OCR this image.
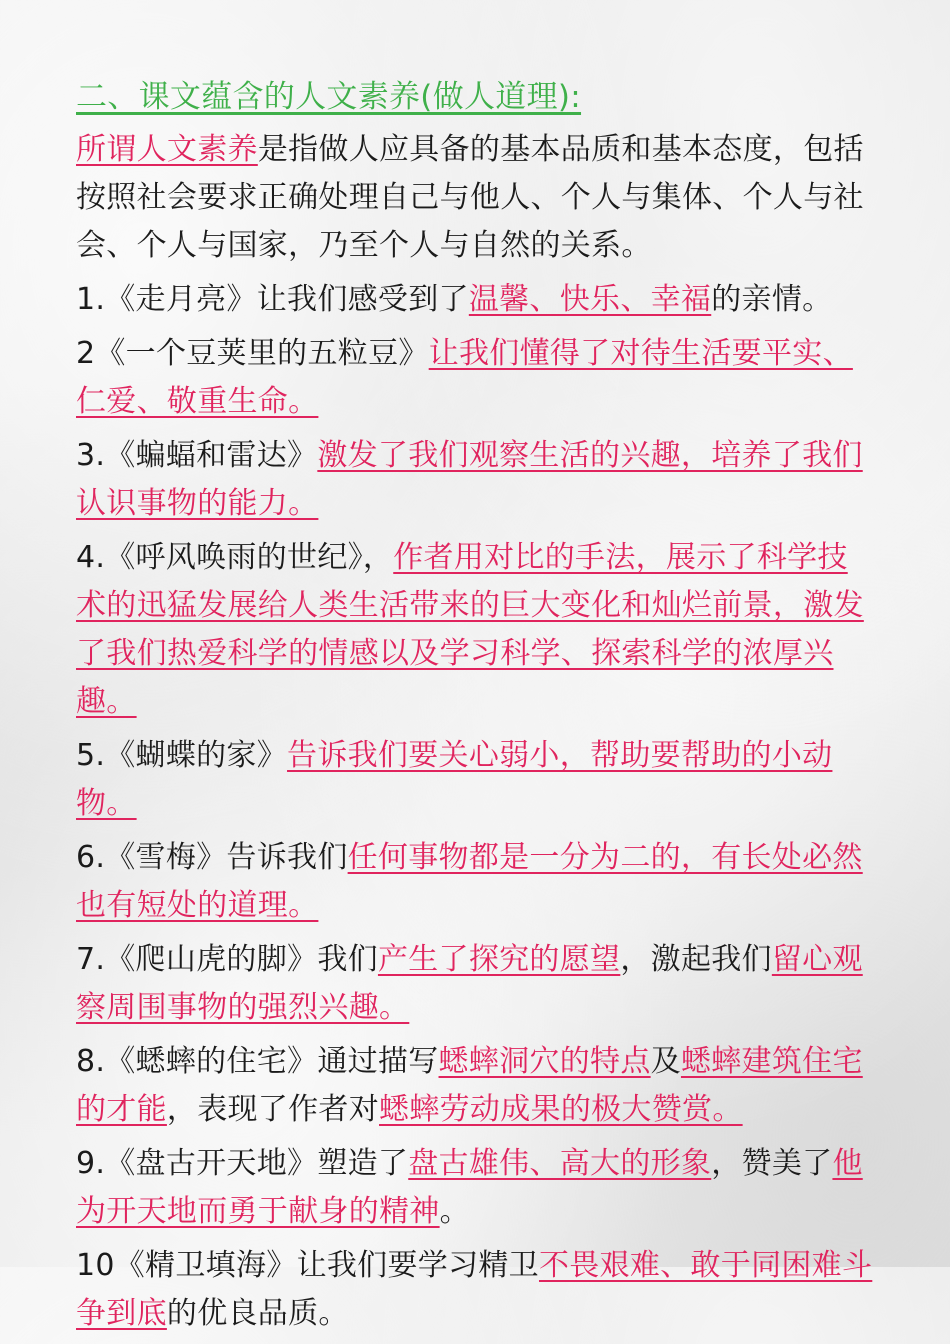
二、课文蕴含的人文素养(做人道理):
所谓人文素养是指做人应具备的基本品质和基本态度，包括按照社会要求正确处理自己与他人、个人与集体、个人与社会、个人与国家，乃至个人与自然的关系。
1.《走月亮》让我们感受到了温馨、快乐、幸福的亲情。
2《一个豆荚里的五粒豆》让我们懂得了对待生活要平实、仁爱、敬重生命。
3.《蝙蝠和雷达》激发了我们观察生活的兴趣，培养了我们认识事物的能力。
4.《呼风唤雨的世纪》，作者用对比的手法，展示了科学技术的迅猛发展给人类生活带来的巨大变化和灿烂前景，激发了我们热爱科学的情感以及学习科学、探索科学的浓厚兴趣。
5.《蝴蝶的家》告诉我们要关心弱小，帮助要帮助的小动物。
6.《雪梅》告诉我们任何事物都是一分为二的，有长处必然也有短处的道理。
7.《爬山虎的脚》我们产生了探究的愿望，激起我们留心观察周围事物的强烈兴趣。
8.《蟋蟀的住宅》通过描写蟋蟀洞穴的特点及蟋蟀建筑住宅的才能，表现了作者对蟋蟀劳动成果的极大赞赏。
9.《盘古开天地》塑造了盘古雄伟、高大的形象，赞美了他为开天地而勇于献身的精神。
10《精卫填海》让我们要学习精卫不畏艰难、敢于同困难斗争到底的优良品质。
